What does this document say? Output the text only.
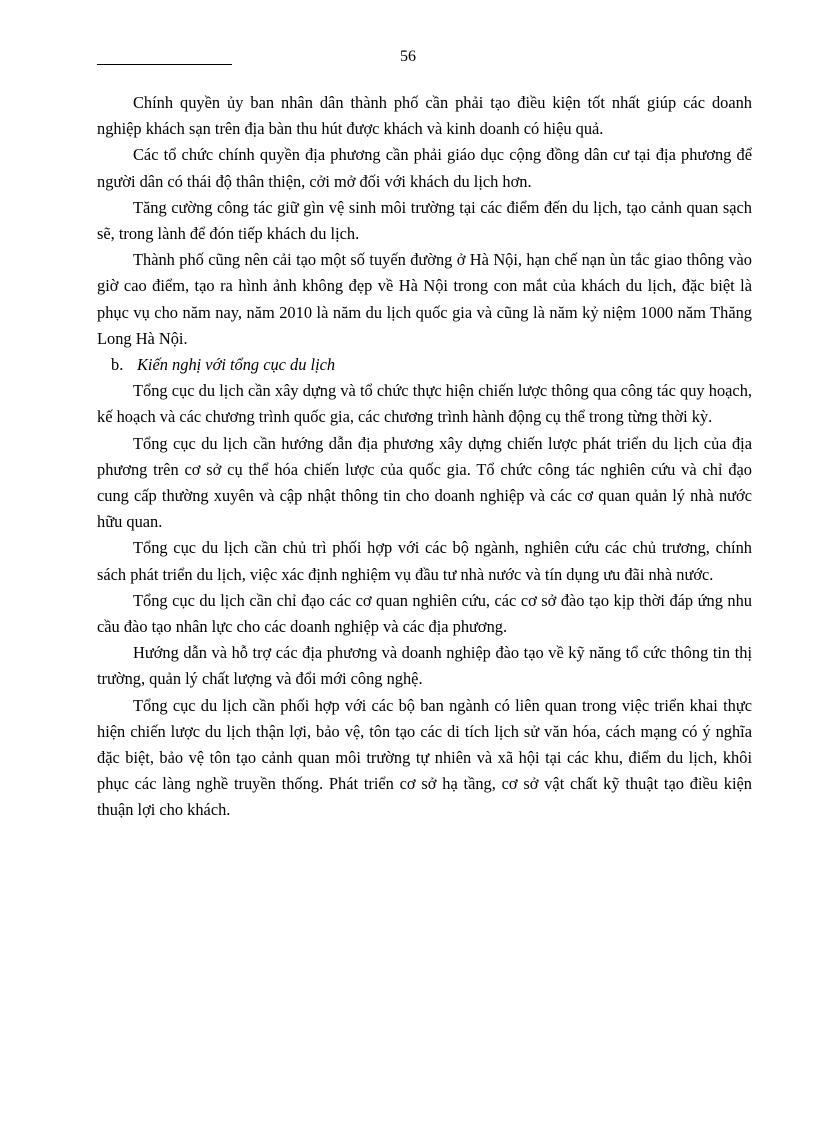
56

Chính quyền ủy ban nhân dân thành phố cần phải tạo điều kiện tốt nhất giúp các doanh nghiệp khách sạn trên địa bàn thu hút được khách và kinh doanh có hiệu quả.

Các tổ chức chính quyền địa phương cần phải giáo dục cộng đồng dân cư tại địa phương để người dân có thái độ thân thiện, cởi mở đối với khách du lịch hơn.

Tăng cường công tác giữ gìn vệ sinh môi trường tại các điểm đến du lịch, tạo cảnh quan sạch sẽ, trong lành để đón tiếp khách du lịch.

Thành phố cũng nên cải tạo một số tuyến đường ở Hà Nội, hạn chế nạn ùn tắc giao thông vào giờ cao điểm, tạo ra hình ảnh không đẹp về Hà Nội trong con mắt của khách du lịch, đặc biệt là phục vụ cho năm nay, năm 2010 là năm du lịch quốc gia và cũng là năm kỷ niệm 1000 năm Thăng Long Hà Nội.

b. Kiến nghị với tổng cục du lịch

Tổng cục du lịch cần xây dựng và tổ chức thực hiện chiến lược thông qua công tác quy hoạch, kế hoạch và các chương trình quốc gia, các chương trình hành động cụ thể trong từng thời kỳ.

Tổng cục du lịch cần hướng dẫn địa phương xây dựng chiến lược phát triển du lịch của địa phương trên cơ sở cụ thể hóa chiến lược của quốc gia. Tổ chức công tác nghiên cứu và chỉ đạo cung cấp thường xuyên và cập nhật thông tin cho doanh nghiệp và các cơ quan quản lý nhà nước hữu quan.

Tổng cục du lịch cần chủ trì phối hợp với các bộ ngành, nghiên cứu các chủ trương, chính sách phát triển du lịch, việc xác định nghiệm vụ đầu tư nhà nước và tín dụng ưu đãi nhà nước.

Tổng cục du lịch cần chỉ đạo các cơ quan nghiên cứu, các cơ sở đào tạo kịp thời đáp ứng nhu cầu đào tạo nhân lực cho các doanh nghiệp và các địa phương.

Hướng dẫn và hỗ trợ các địa phương và doanh nghiệp đào tạo về kỹ năng tổ cức thông tin thị trường, quản lý chất lượng và đổi mới công nghệ.

Tổng cục du lịch cần phối hợp với các bộ ban ngành có liên quan trong việc triển khai thực hiện chiến lược du lịch thận lợi, bảo vệ, tôn tạo các di tích lịch sử văn hóa, cách mạng có ý nghĩa đặc biệt, bảo vệ tôn tạo cảnh quan môi trường tự nhiên và xã hội tại các khu, điểm du lịch, khôi phục các làng nghề truyền thống. Phát triển cơ sở hạ tầng, cơ sở vật chất kỹ thuật tạo điều kiện thuận lợi cho khách.
